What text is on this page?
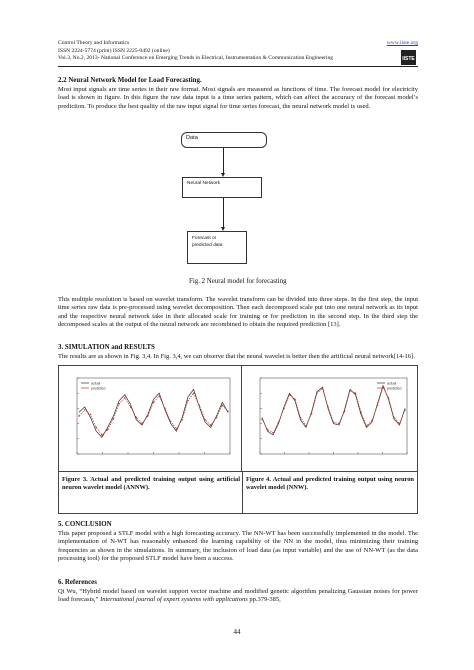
Control Theory and Informatics
ISSN 2224-5774 (print) ISSN 2225-0492 (online)
Vol.3, No.2, 2013- National Conference on Emerging Trends in Electrical, Instrumentation & Communication Engineering
www.iiste.org
IISTE
2.2 Neural Network Model for Load Forecasting.
Most input signals are time series in their raw format. Most signals are measured as functions of time. The forecast model for electricity load is shown in figure. In this figure the raw data input is a time series pattern, which can affect the accuracy of the forecast model’s prediction. To produce the best quality of the raw input signal for time series forecast, the neural network model is used.
Data
Neural Network
Forecast or
predicted data
Fig. 2 Neural model for forecasting
This multiple resolution is based on wavelet transform. The wavelet transform can be divided into three steps. In the first step, the input time series raw data is pre-processed using wavelet decomposition. Then each decomposed scale put into one neural network as its input and the respective neural network take in their allocated scale for training or for prediction in the second step. In the third step the decomposed scales at the output of the neural network are recombined to obtain the required prediction [13].
3. SIMULATION and RESULTS
The results are as shown in Fig. 3,4. In Fig. 3,4, we can observe that the neural wavelet is better then the artificial neural network[14-16].
actual
predicted
actual
predicted
Figure 3. Actual and predicted training output using artificial neuron wavelet model (ANNW).
Figure 4. Actual and predicted training output using neuron wavelet model (NNW).
5. CONCLUSION
This paper proposed a STLF model with a high forecasting accuracy. The NN-WT has been successfully implemented in the model. The implementation of N-WT has reasonably enhanced the learning capability of the NN in the model, thus minimizing their training frequencies as shown in the simulations. In summary, the inclusion of load data (as input variable) and the use of NN-WT (as the data processing tool) for the proposed STLF model have been a success.
6. References
Qi Wu, “Hybrid model based on wavelet support vector machine and modified genetic algorithm penalizing Gaussian noises for power load forecasts,” International journal of expert systems with applications pp.379-385,
44
